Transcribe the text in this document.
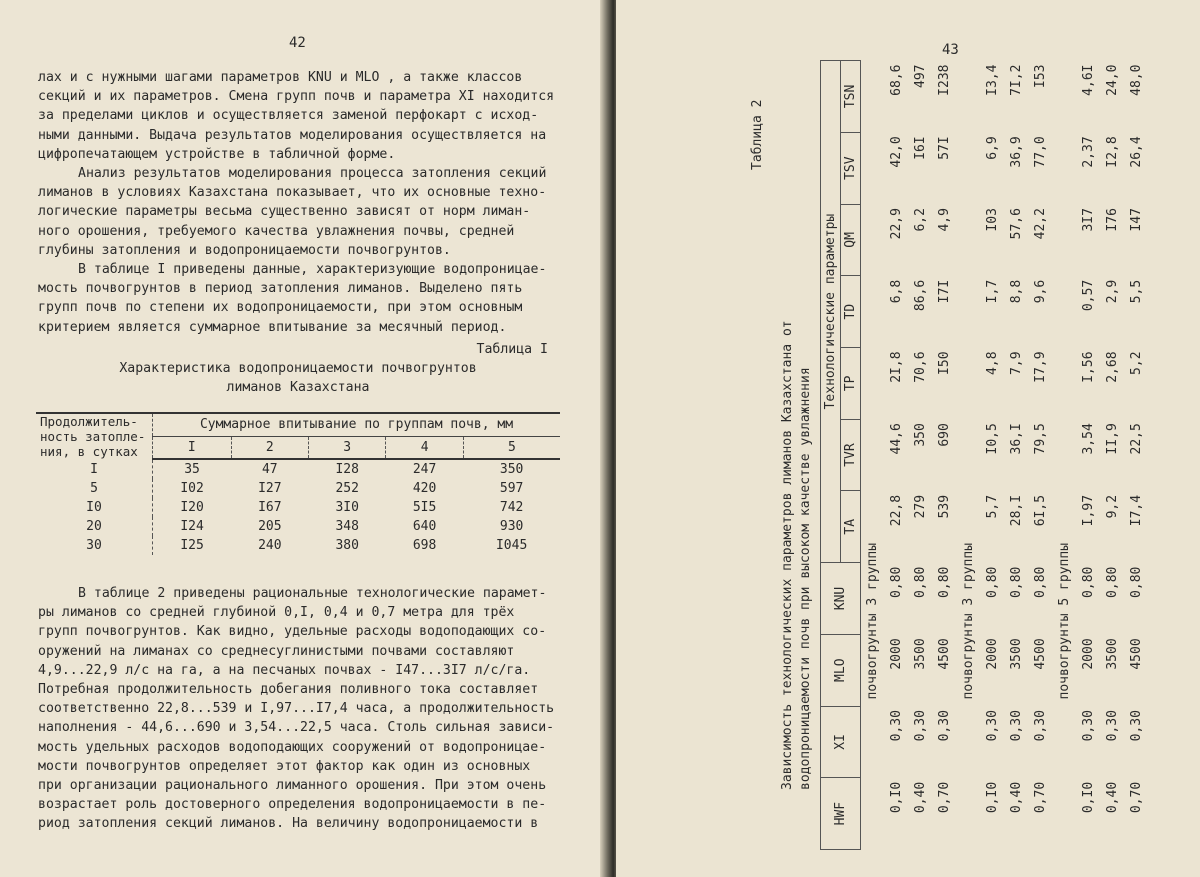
42
лах и с нужными шагами параметров KNU и MLO , а также классов
секций и их параметров. Смена групп почв и параметра XI находится
за пределами циклов и осуществляется заменой перфокарт с исход-
ными данными. Выдача результатов моделирования осуществляется на
цифропечатающем устройстве в табличной форме.
Анализ результатов моделирования процесса затопления секций
лиманов в условиях Казахстана показывает, что их основные техно-
логические параметры весьма существенно зависят от норм лиман-
ного орошения, требуемого качества увлажнения почвы, средней
глубины затопления и водопроницаемости почвогрунтов.
В таблице I приведены данные, характеризующие водопроницае-
мость почвогрунтов в период затопления лиманов. Выделено пять
групп почв по степени их водопроницаемости, при этом основным
критерием является суммарное впитывание за месячный период.
Таблица I
Характеристика водопроницаемости почвогрунтов
лиманов Казахстана
Продолжитель-
ность затопле-
ния, в сутках	Суммарное впитывание по группам почв, мм				
	I	2	3	4	5
I	35	47	I28	247	350
5	I02	I27	252	420	597
I0	I20	I67	3I0	5I5	742
20	I24	205	348	640	930
30	I25	240	380	698	I045
В таблице 2 приведены рациональные технологические парамет-
ры лиманов со средней глубиной 0,I, 0,4 и 0,7 метра для трёх
групп почвогрунтов. Как видно, удельные расходы водоподающих со-
оружений на лиманах со среднесуглинистыми почвами составляют
4,9...22,9 л/с на га, а на песчаных почвах - I47...3I7 л/с/га.
Потребная продолжительность добегания поливного тока составляет
соответственно 22,8...539 и I,97...I7,4 часа, а продолжительность
наполнения - 44,6...690 и 3,54...22,5 часа. Столь сильная зависи-
мость удельных расходов водоподающих сооружений от водопроницае-
мости почвогрунтов определяет этот фактор как один из основных
при организации рационального лиманного орошения. При этом очень
возрастает роль достоверного определения водопроницаемости в пе-
риод затопления секций лиманов. На величину водопроницаемости в
43
Таблица 2
Зависимость технологических параметров лиманов Казахстана от водопроницаемости почв при высоком качестве увлажнения
HWF	XI	MLO	KNU	Технологические параметры						
				TA	TVR	TP	TD	QM	TSV	TSN
почвогрунты 3 группы										
0,I0	0,30	2000	0,80	22,8	44,6	2I,8	6,8	22,9	42,0	68,6
0,40	0,30	3500	0,80	279	350	70,6	86,6	6,2	I6I	497
0,70	0,30	4500	0,80	539	690	I50	I7I	4,9	57I	I238
почвогрунты 3 группы										
0,I0	0,30	2000	0,80	5,7	I0,5	4,8	I,7	I03	6,9	I3,4
0,40	0,30	3500	0,80	28,I	36,I	7,9	8,8	57,6	36,9	7I,2
0,70	0,30	4500	0,80	6I,5	79,5	I7,9	9,6	42,2	77,0	I53
почвогрунты 5 группы										
0,I0	0,30	2000	0,80	I,97	3,54	I,56	0,57	3I7	2,37	4,6I
0,40	0,30	3500	0,80	9,2	II,9	2,68	2,9	I76	I2,8	24,0
0,70	0,30	4500	0,80	I7,4	22,5	5,2	5,5	I47	26,4	48,0
